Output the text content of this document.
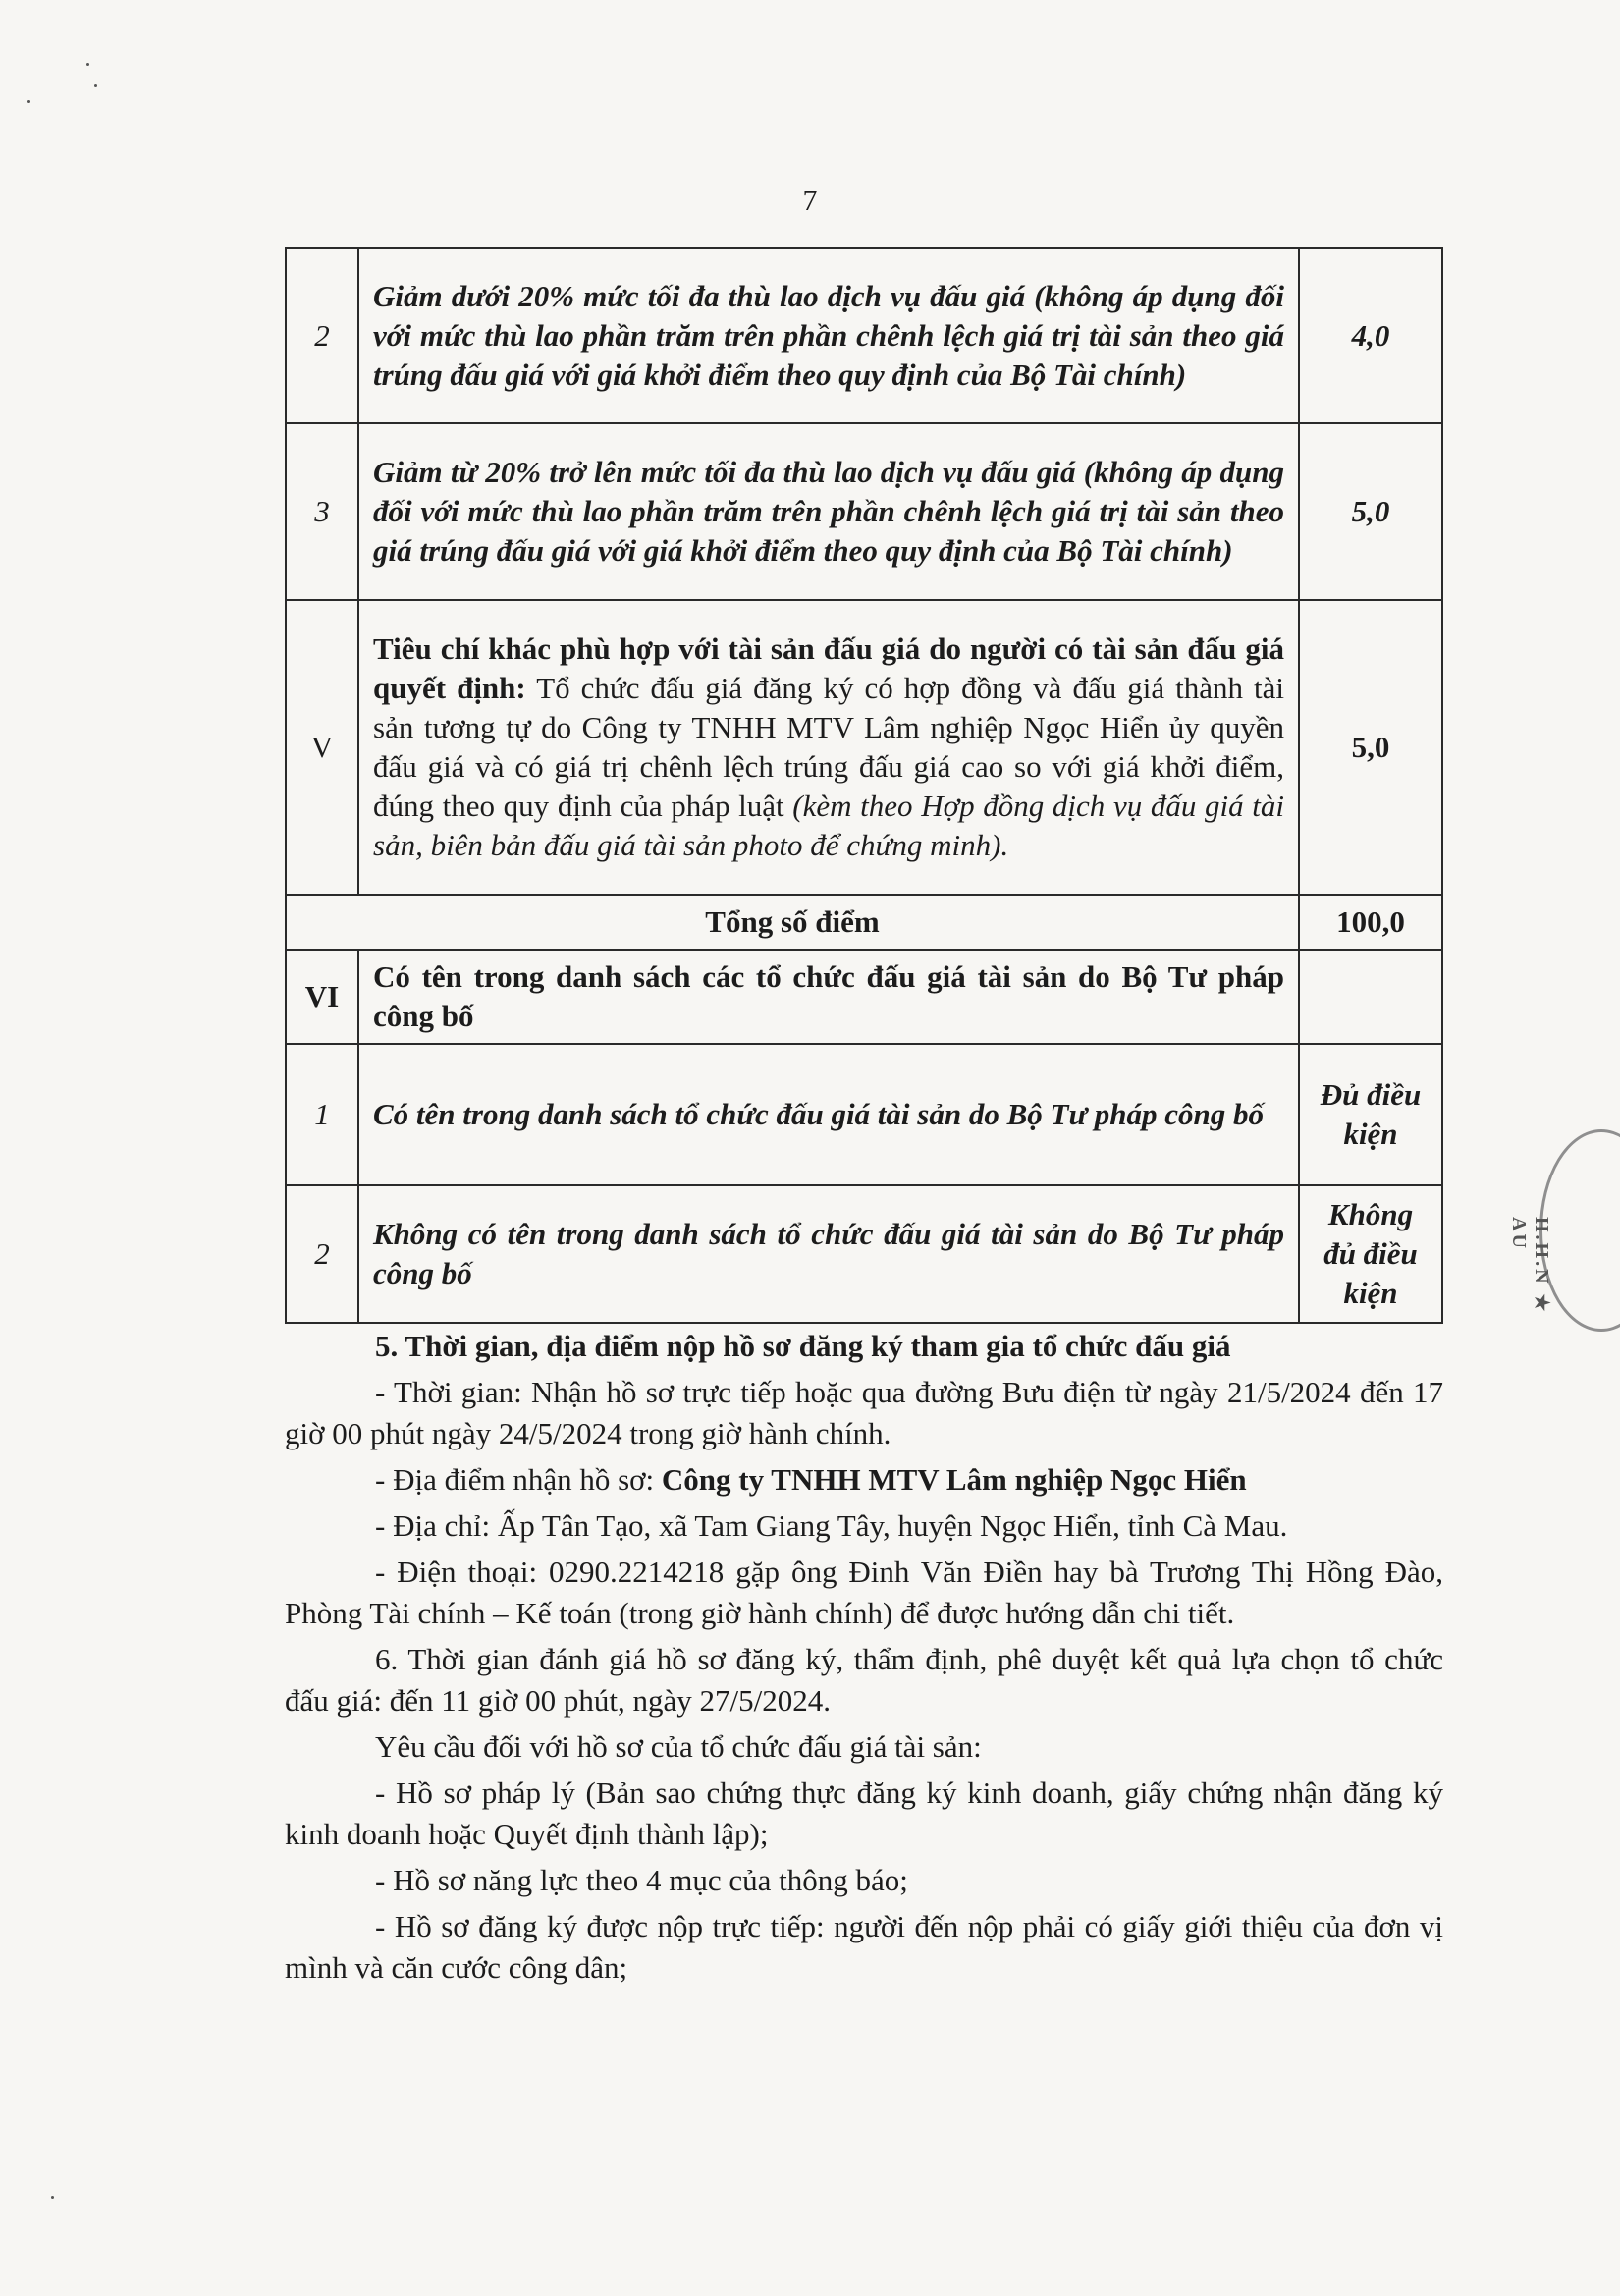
7
2	Giảm dưới 20% mức tối đa thù lao dịch vụ đấu giá (không áp dụng đối với mức thù lao phần trăm trên phần chênh lệch giá trị tài sản theo giá trúng đấu giá với giá khởi điểm theo quy định của Bộ Tài chính)	4,0
3	Giảm từ 20% trở lên mức tối đa thù lao dịch vụ đấu giá (không áp dụng đối với mức thù lao phần trăm trên phần chênh lệch giá trị tài sản theo giá trúng đấu giá với giá khởi điểm theo quy định của Bộ Tài chính)	5,0
V	Tiêu chí khác phù hợp với tài sản đấu giá do người có tài sản đấu giá quyết định: Tổ chức đấu giá đăng ký có hợp đồng và đấu giá thành tài sản tương tự do Công ty TNHH MTV Lâm nghiệp Ngọc Hiển ủy quyền đấu giá và có giá trị chênh lệch trúng đấu giá cao so với giá khởi điểm, đúng theo quy định của pháp luật (kèm theo Hợp đồng dịch vụ đấu giá tài sản, biên bản đấu giá tài sản photo để chứng minh).	5,0
Tổng số điểm		100,0
VI	Có tên trong danh sách các tổ chức đấu giá tài sản do Bộ Tư pháp công bố	
1	Có tên trong danh sách tổ chức đấu giá tài sản do Bộ Tư pháp công bố	Đủ điều kiện
2	Không có tên trong danh sách tổ chức đấu giá tài sản do Bộ Tư pháp công bố	Không đủ điều kiện

5. Thời gian, địa điểm nộp hồ sơ đăng ký tham gia tổ chức đấu giá

- Thời gian: Nhận hồ sơ trực tiếp hoặc qua đường Bưu điện từ ngày 21/5/2024 đến 17 giờ 00 phút ngày 24/5/2024 trong giờ hành chính.

- Địa điểm nhận hồ sơ: Công ty TNHH MTV Lâm nghiệp Ngọc Hiển

- Địa chỉ: Ấp Tân Tạo, xã Tam Giang Tây, huyện Ngọc Hiển, tỉnh Cà Mau.

- Điện thoại: 0290.2214218 gặp ông Đinh Văn Điền hay bà Trương Thị Hồng Đào, Phòng Tài chính – Kế toán (trong giờ hành chính) để được hướng dẫn chi tiết.

6. Thời gian đánh giá hồ sơ đăng ký, thẩm định, phê duyệt kết quả lựa chọn tổ chức đấu giá: đến 11 giờ 00 phút, ngày 27/5/2024.

Yêu cầu đối với hồ sơ của tổ chức đấu giá tài sản:

- Hồ sơ pháp lý (Bản sao chứng thực đăng ký kinh doanh, giấy chứng nhận đăng ký kinh doanh hoặc Quyết định thành lập);

- Hồ sơ năng lực theo 4 mục của thông báo;

- Hồ sơ đăng ký được nộp trực tiếp: người đến nộp phải có giấy giới thiệu của đơn vị mình và căn cước công dân;

H.H.N ★ AU
